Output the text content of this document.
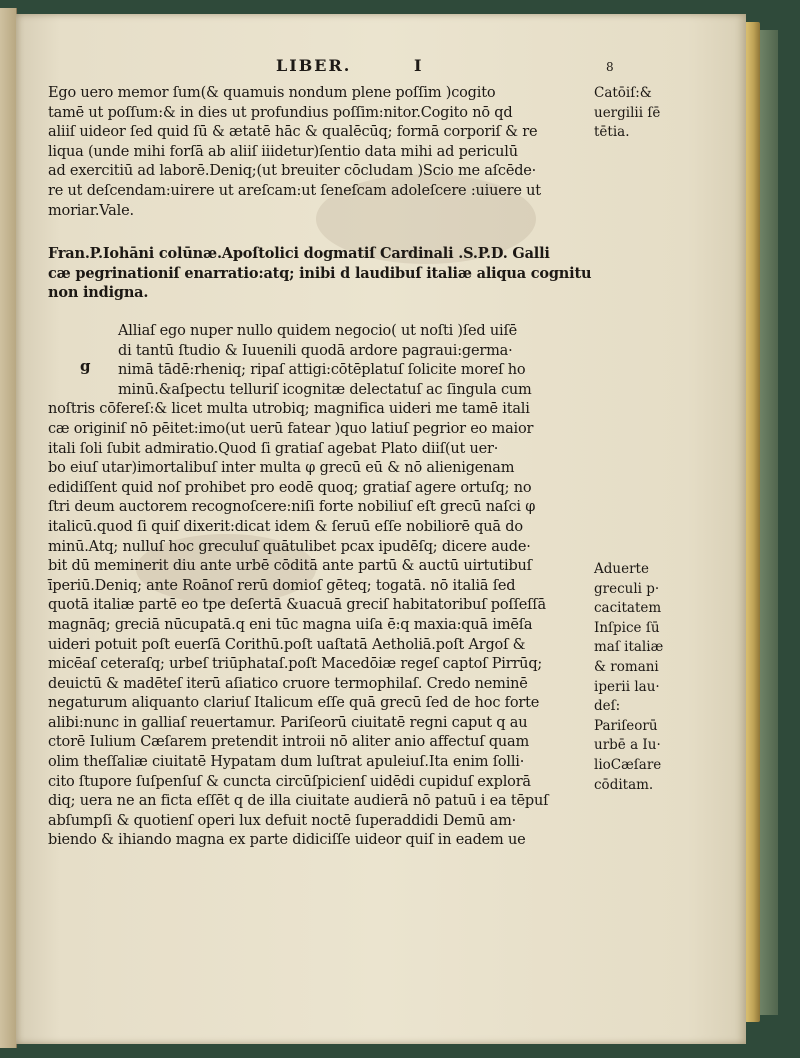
LIBER.	I	8
Ego uero memor ſum(& quamuis nondum plene poſſim )cogito
tamē ut poſſum:& in dies ut profundius poſſim:nitor.Cogito nō qd
aliiſ uideor ſed quid ſū & ætatē hāc & qualēcūq; formā corporiſ & re
liqua (unde mihi forſā ab aliiſ iiidetur)ſentio data mihi ad periculū
ad exercitiū ad laborē.Deniq;(ut breuiter cōcludam )Scio me aſcēde·
re ut deſcendam:uirere ut areſcam:ut ſeneſcam adoleſcere :uiuere ut
moriar.Vale.
Fran.P.Iohāni colūnæ.Apoſtolici dogmatiſ Cardinali .S.P.D. Galli
cæ pegrinationiſ enarratio:atq; inibi d laudibuſ italiæ aliqua cognitu
non indigna.
g
Alliaſ ego nuper nullo quidem negocio( ut noſti )ſed uiſē
di tantū ſtudio & Iuuenili quodā ardore pagraui:germa·
nimā tādē:rheniq; ripaſ attigi:cōtēplatuſ ſolicite moreſ ho
minū.&aſpectu telluriſ icognitæ delectatuſ ac ſingula cum
noſtris cōfereſ:& licet multa utrobiq; magnifica uideri me tamē itali
cæ originiſ nō pēitet:imo(ut uerū fatear )quo latiuſ pegrior eo maior
itali ſoli ſubit admiratio.Quod ſi gratiaſ agebat Plato diiſ(ut uer·
bo eiuſ utar)imortalibuſ inter multa φ grecū eū & nō alienigenam
edidiſſent quid noſ prohibet pro eodē quoq; gratiaſ agere ortuſq; no
ſtri deum auctorem recognoſcere:niſi forte nobiliuſ eſt grecū naſci φ
italicū.quod ſi quiſ dixerit:dicat idem & ſeruū eſſe nobiliorē quā do
minū.Atq; nulluſ hoc greculuſ quātulibet pcax ipudēſq; dicere aude·
bit dū meminerit diu ante urbē cōditā ante partū & auctū uirtutibuſ
īperiū.Deniq; ante Roānoſ rerū domioſ gēteq; togatā. nō italiā ſed
quotā italiæ partē eo tpe deſertā &uacuā greciſ habitatoribuſ poſſeſſā
magnāq; greciā nūcupatā.q eni tūc magna uiſa ē:q maxia:quā imēſa
uideri potuit poſt euerſā Corithū.poſt uaſtatā Aetholiā.poſt Argoſ &
micēaſ ceteraſq; urbeſ triūphataſ.poſt Macedōiæ regeſ captoſ Pirrūq;
deuictū & madēteſ iterū aſiatico cruore termophilaſ. Credo neminē
negaturum aliquanto clariuſ Italicum eſſe quā grecū ſed de hoc forte
alibi:nunc in galliaſ reuertamur. Pariſeorū ciuitatē regni caput q au
ctorē Iulium Cæſarem pretendit introii nō aliter anio affectuſ quam
olim theſſaliæ ciuitatē Hypatam dum luſtrat apuleiuſ.Ita enim ſolli·
cito ſtupore ſuſpenſuſ & cuncta circūſpicienſ uidēdi cupiduſ explorā
diq; uera ne an ficta eſſēt q de illa ciuitate audierā nō patuū i ea tēpuſ
abſumpſi & quotienſ operi lux defuit noctē ſuperaddidi Demū am·
biendo & ihiando magna ex parte didiciſſe uideor quiſ in eadem ue
Catōiſ:&
uergilii ſē
tētia.
Aduerte
greculi p·
cacitatem
Inſpice ſū
maſ italiæ
& romani
iperii lau·
deſ:
Pariſeorū
urbē a Iu·
lioCæſare
cōditam.
